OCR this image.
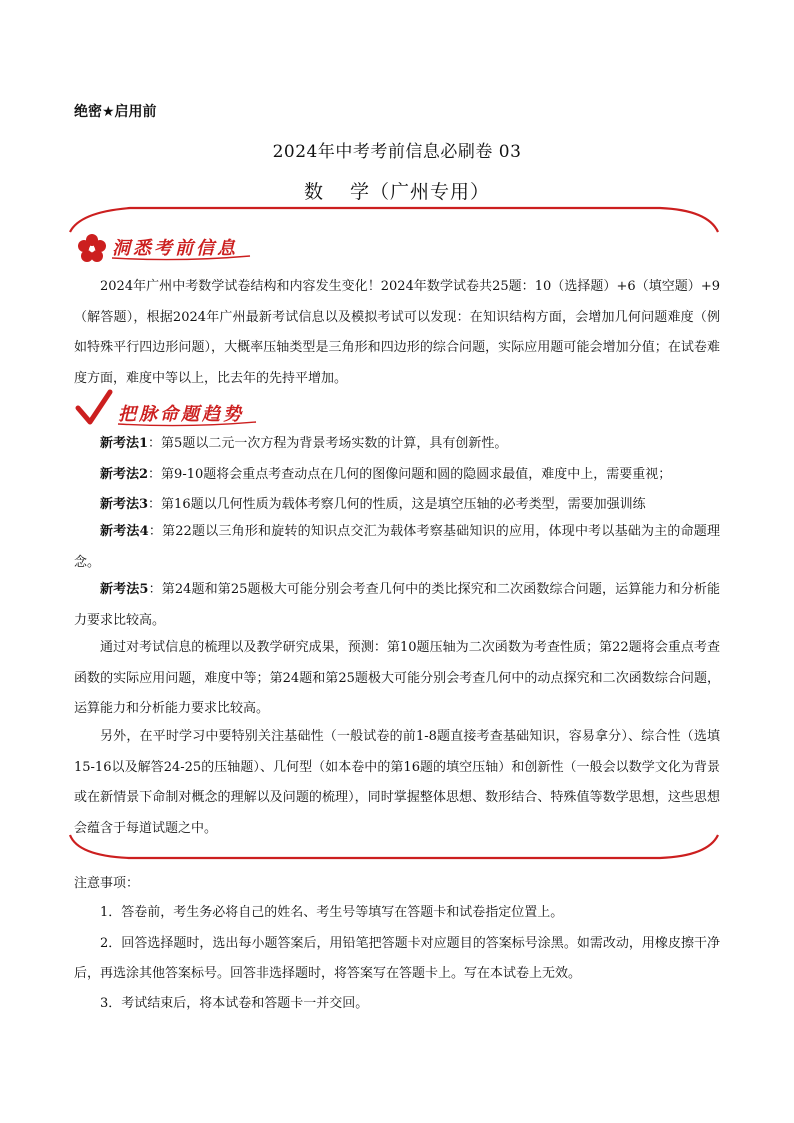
绝密★启用前
2024年中考考前信息必刷卷 03
数 学（广州专用）
洞悉考前信息
把脉命题趋势
2024年广州中考数学试卷结构和内容发生变化！2024年数学试卷共25题：10（选择题）+6（填空题）+9（解答题），根据2024年广州最新考试信息以及模拟考试可以发现：在知识结构方面，会增加几何问题难度（例如特殊平行四边形问题），大概率压轴类型是三角形和四边形的综合问题，实际应用题可能会增加分值；在试卷难度方面，难度中等以上，比去年的先持平增加。
新考法1：第5题以二元一次方程为背景考场实数的计算，具有创新性。
新考法2：第9-10题将会重点考查动点在几何的图像问题和圆的隐圆求最值，难度中上，需要重视；
新考法3：第16题以几何性质为载体考察几何的性质，这是填空压轴的必考类型，需要加强训练
新考法4：第22题以三角形和旋转的知识点交汇为载体考察基础知识的应用，体现中考以基础为主的命题理念。
新考法5：第24题和第25题极大可能分别会考查几何中的类比探究和二次函数综合问题，运算能力和分析能力要求比较高。
通过对考试信息的梳理以及教学研究成果，预测：第10题压轴为二次函数为考查性质；第22题将会重点考查函数的实际应用问题，难度中等；第24题和第25题极大可能分别会考查几何中的动点探究和二次函数综合问题，运算能力和分析能力要求比较高。
另外，在平时学习中要特别关注基础性（一般试卷的前1-8题直接考查基础知识，容易拿分）、综合性（选填15-16以及解答24-25的压轴题）、几何型（如本卷中的第16题的填空压轴）和创新性（一般会以数学文化为背景或在新情景下命制对概念的理解以及问题的梳理），同时掌握整体思想、数形结合、特殊值等数学思想，这些思想会蕴含于每道试题之中。
注意事项：
1．答卷前，考生务必将自己的姓名、考生号等填写在答题卡和试卷指定位置上。
2．回答选择题时，选出每小题答案后，用铅笔把答题卡对应题目的答案标号涂黑。如需改动，用橡皮擦干净后，再选涂其他答案标号。回答非选择题时，将答案写在答题卡上。写在本试卷上无效。
3．考试结束后，将本试卷和答题卡一并交回。
